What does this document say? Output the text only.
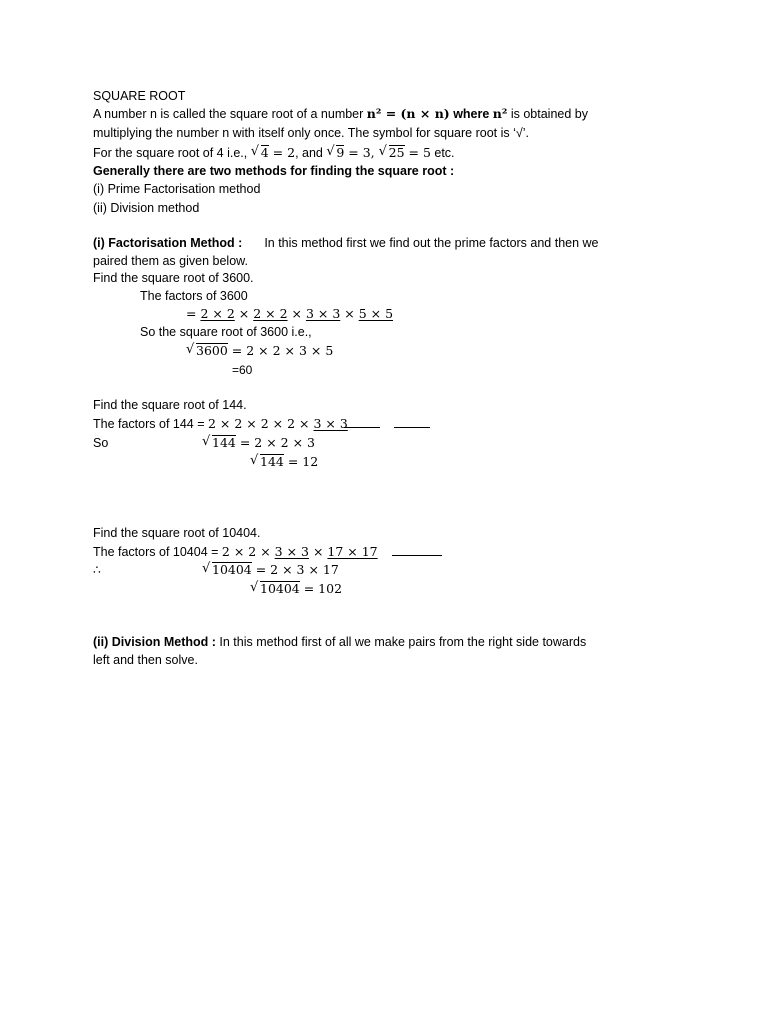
SQUARE ROOT
A number n is called the square root of a number n² = (n × n) where n² is obtained by
multiplying the number n with itself only once. The symbol for square root is ‘√’.
For the square root of 4 i.e., √ 4 = 2, and √ 9 = 3, √ 25 = 5 etc.
Generally there are two methods for finding the square root :
(i) Prime Factorisation method
(ii) Division method
(i) Factorisation Method : In this method first we find out the prime factors and then we
paired them as given below.
Find the square root of 3600.
The factors of 3600
= 2 × 2 × 2 × 2 × 3 × 3 × 5 × 5
So the square root of 3600 i.e.,
√ 3600 = 2 × 2 × 3 × 5
=60
Find the square root of 144.
The factors of 144 = 2 × 2 × 2 × 2 × 3 × 3
So	√ 144 = 2 × 2 × 3
√ 144 = 12
Find the square root of 10404.
The factors of 10404 = 2 × 2 × 3 × 3 × 17 × 17
∴	√ 10404 = 2 × 3 × 17
√ 10404 = 102
(ii) Division Method : In this method first of all we make pairs from the right side towards
left and then solve.
